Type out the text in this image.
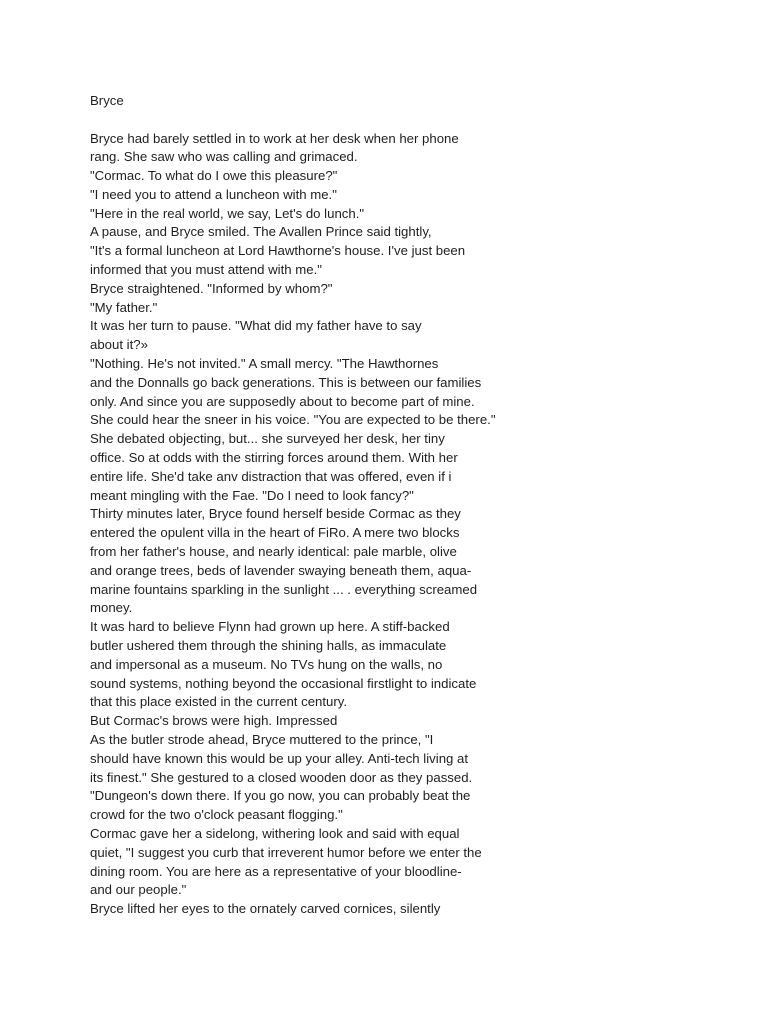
Bryce
Bryce had barely settled in to work at her desk when her phone
rang. She saw who was calling and grimaced.
"Cormac. To what do I owe this pleasure?"
"I need you to attend a luncheon with me."
"Here in the real world, we say, Let's do lunch."
A pause, and Bryce smiled. The Avallen Prince said tightly,
"It's a formal luncheon at Lord Hawthorne's house. I've just been
informed that you must attend with me."
Bryce straightened. "Informed by whom?"
"My father."
It was her turn to pause. "What did my father have to say
about it?»
"Nothing. He's not invited." A small mercy. "The Hawthornes
and the Donnalls go back generations. This is between our families
only. And since you are supposedly about to become part of mine.
She could hear the sneer in his voice. "You are expected to be there."
She debated objecting, but... she surveyed her desk, her tiny
office. So at odds with the stirring forces around them. With her
entire life. She'd take anv distraction that was offered, even if i
meant mingling with the Fae. "Do I need to look fancy?"
Thirty minutes later, Bryce found herself beside Cormac as they
entered the opulent villa in the heart of FiRo. A mere two blocks
from her father's house, and nearly identical: pale marble, olive
and orange trees, beds of lavender swaying beneath them, aqua-
marine fountains sparkling in the sunlight ... . everything screamed
money.
It was hard to believe Flynn had grown up here. A stiff-backed
butler ushered them through the shining halls, as immaculate
and impersonal as a museum. No TVs hung on the walls, no
sound systems, nothing beyond the occasional firstlight to indicate
that this place existed in the current century.
But Cormac's brows were high. Impressed
As the butler strode ahead, Bryce muttered to the prince, "I
should have known this would be up your alley. Anti-tech living at
its finest." She gestured to a closed wooden door as they passed.
"Dungeon's down there. If you go now, you can probably beat the
crowd for the two o'clock peasant flogging."
Cormac gave her a sidelong, withering look and said with equal
quiet, "I suggest you curb that irreverent humor before we enter the
dining room. You are here as a representative of your bloodline-
and our people."
Bryce lifted her eyes to the ornately carved cornices, silently
